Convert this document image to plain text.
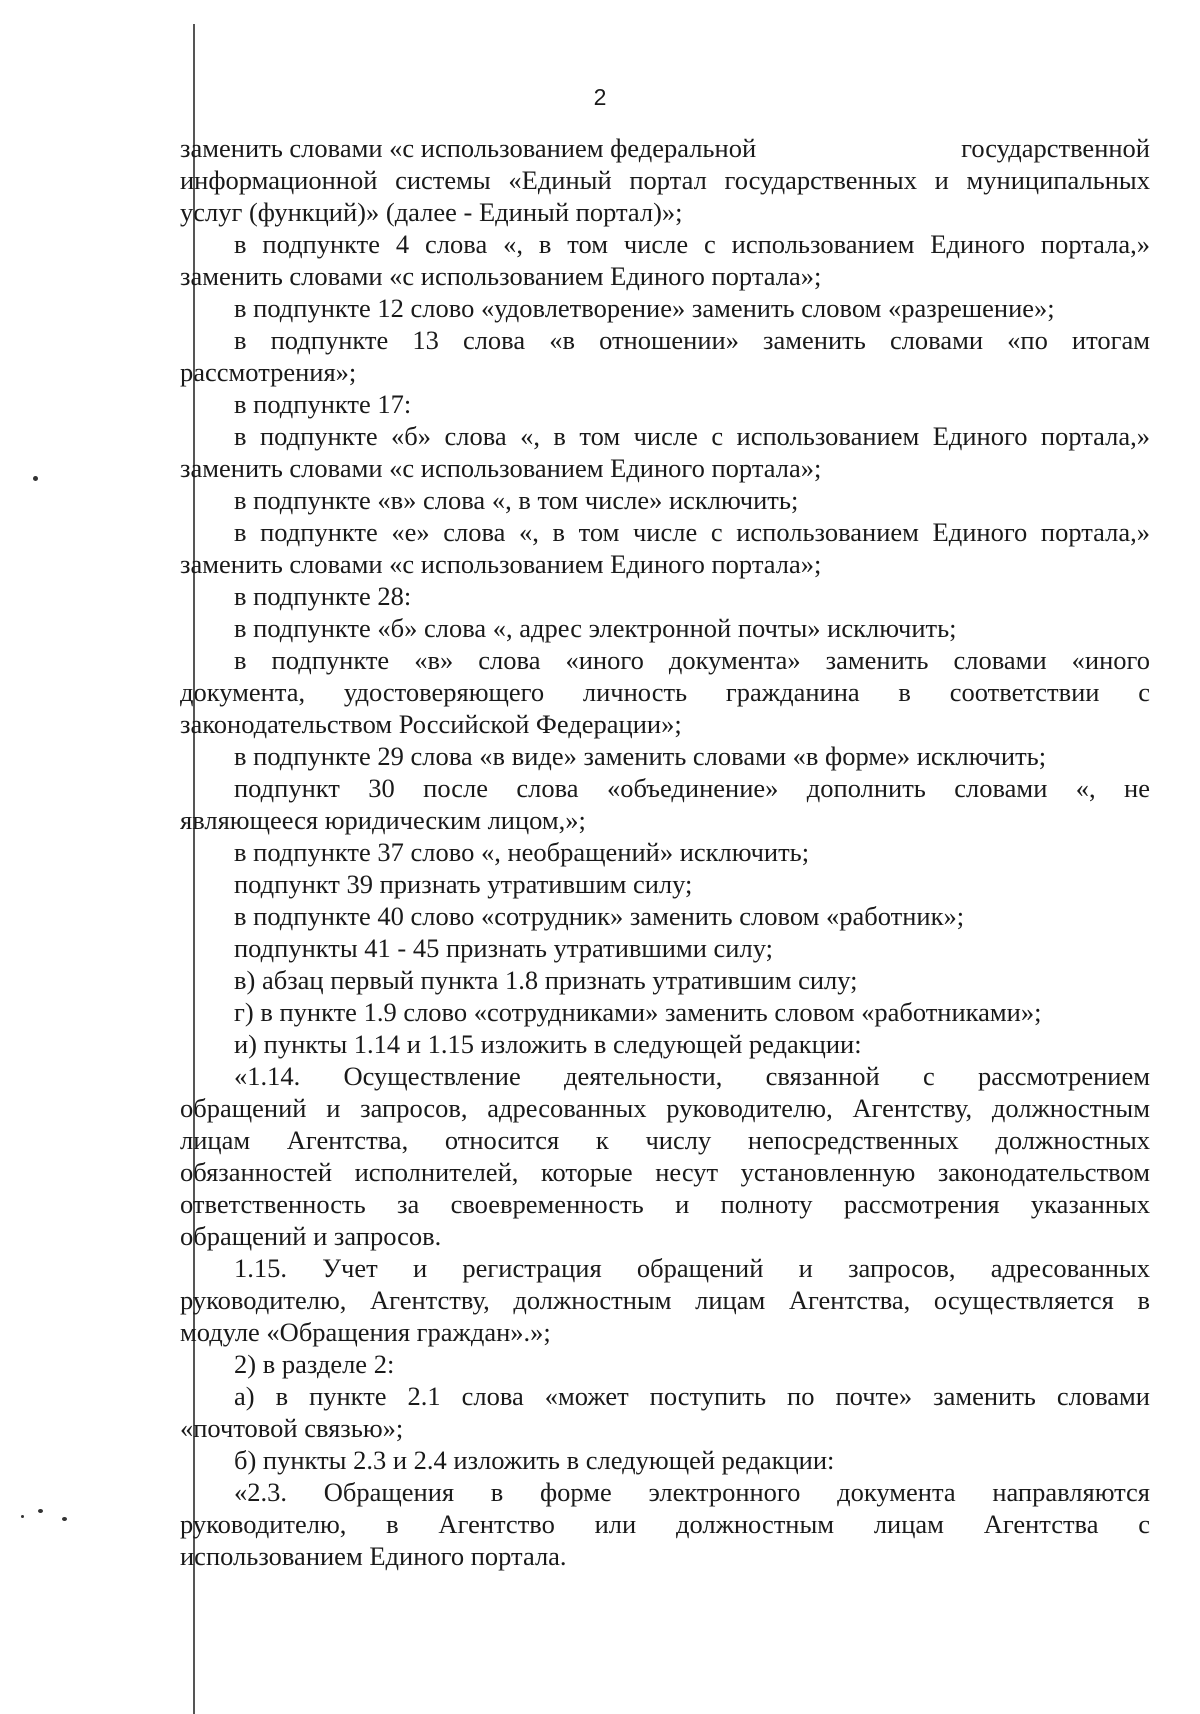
2
заменить словами «с использованием федеральной	государственной
информационной системы «Единый портал государственных и муниципальных
услуг (функций)» (далее - Единый портал)»;
в подпункте 4 слова «, в том числе с использованием Единого портала,»
заменить словами «с использованием Единого портала»;
в подпункте 12 слово «удовлетворение» заменить словом «разрешение»;
в подпункте 13 слова «в отношении» заменить словами «по итогам
рассмотрения»;
в подпункте 17:
в подпункте «б» слова «, в том числе с использованием Единого портала,»
заменить словами «с использованием Единого портала»;
в подпункте «в» слова «, в том числе» исключить;
в подпункте «е» слова «, в том числе с использованием Единого портала,»
заменить словами «с использованием Единого портала»;
в подпункте 28:
в подпункте «б» слова «, адрес электронной почты» исключить;
в подпункте «в» слова «иного документа» заменить словами «иного
документа, удостоверяющего личность гражданина в соответствии с
законодательством Российской Федерации»;
в подпункте 29 слова «в виде» заменить словами «в форме» исключить;
подпункт 30 после слова «объединение» дополнить словами «, не
являющееся юридическим лицом,»;
в подпункте 37 слово «, необращений» исключить;
подпункт 39 признать утратившим силу;
в подпункте 40 слово «сотрудник» заменить словом «работник»;
подпункты 41 - 45 признать утратившими силу;
в) абзац первый пункта 1.8 признать утратившим силу;
г) в пункте 1.9 слово «сотрудниками» заменить словом «работниками»;
и) пункты 1.14 и 1.15 изложить в следующей редакции:
«1.14. Осуществление деятельности, связанной с рассмотрением
обращений и запросов, адресованных руководителю, Агентству, должностным
лицам Агентства, относится к числу непосредственных должностных
обязанностей исполнителей, которые несут установленную законодательством
ответственность за своевременность и полноту рассмотрения указанных
обращений и запросов.
1.15. Учет и регистрация обращений и запросов, адресованных
руководителю, Агентству, должностным лицам Агентства, осуществляется в
модуле «Обращения граждан».»;
2) в разделе 2:
а) в пункте 2.1 слова «может поступить по почте» заменить словами
«почтовой связью»;
б) пункты 2.3 и 2.4 изложить в следующей редакции:
«2.3. Обращения в форме электронного документа направляются
руководителю, в Агентство или должностным лицам Агентства с
использованием Единого портала.
